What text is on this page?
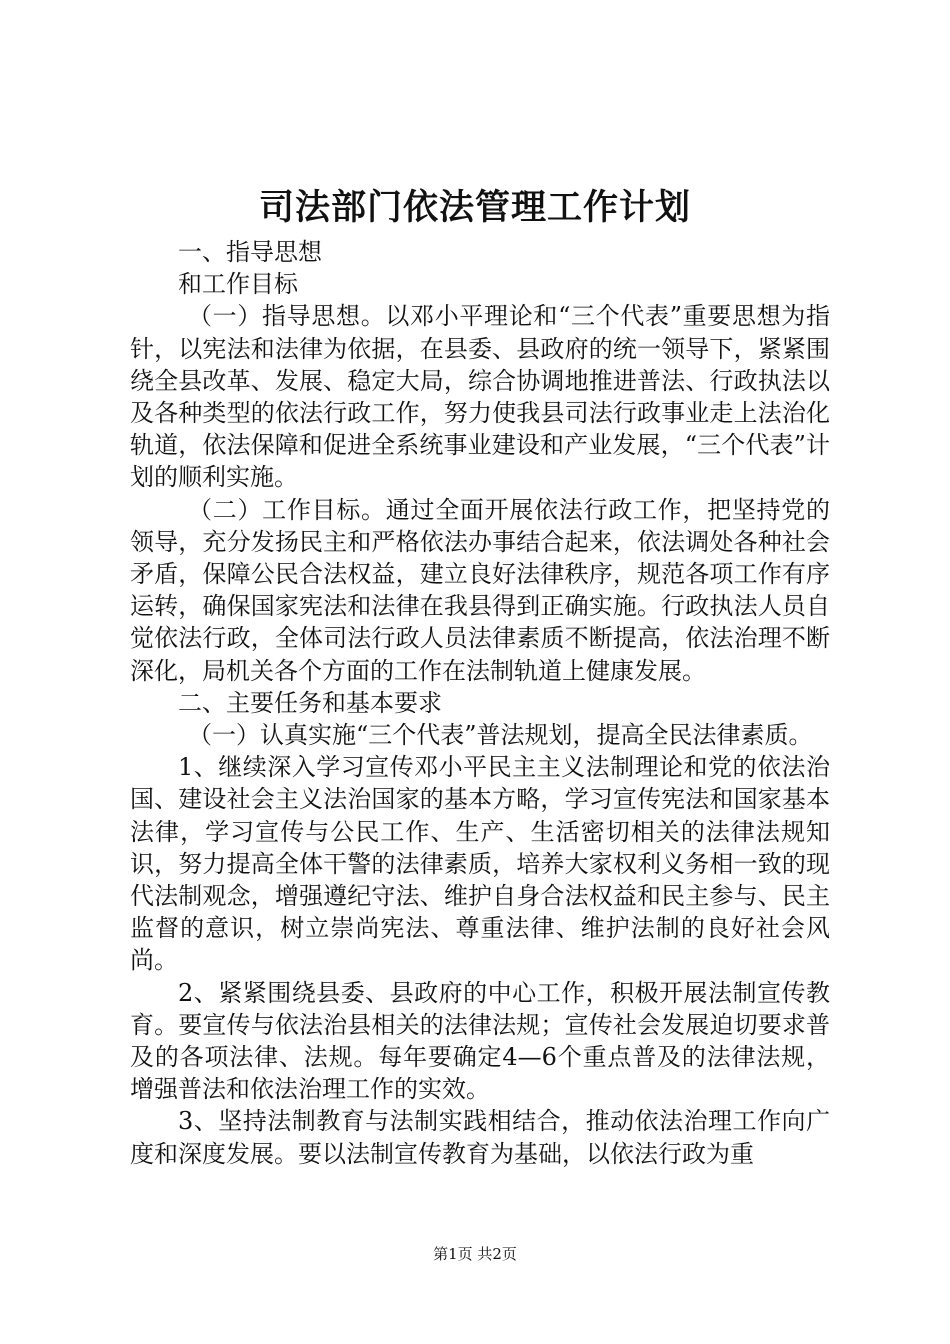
司法部门依法管理工作计划

一、指导思想

和工作目标

（一）指导思想。以邓小平理论和“三个代表”重要思想为指针，以宪法和法律为依据，在县委、县政府的统一领导下，紧紧围绕全县改革、发展、稳定大局，综合协调地推进普法、行政执法以及各种类型的依法行政工作，努力使我县司法行政事业走上法治化轨道，依法保障和促进全系统事业建设和产业发展，“三个代表”计划的顺利实施。

（二）工作目标。通过全面开展依法行政工作，把坚持党的领导，充分发扬民主和严格依法办事结合起来，依法调处各种社会矛盾，保障公民合法权益，建立良好法律秩序，规范各项工作有序运转，确保国家宪法和法律在我县得到正确实施。行政执法人员自觉依法行政，全体司法行政人员法律素质不断提高，依法治理不断深化，局机关各个方面的工作在法制轨道上健康发展。

二、主要任务和基本要求

（一）认真实施“三个代表”普法规划，提高全民法律素质。

1、继续深入学习宣传邓小平民主主义法制理论和党的依法治国、建设社会主义法治国家的基本方略，学习宣传宪法和国家基本法律，学习宣传与公民工作、生产、生活密切相关的法律法规知识，努力提高全体干警的法律素质，培养大家权利义务相一致的现代法制观念，增强遵纪守法、维护自身合法权益和民主参与、民主监督的意识，树立崇尚宪法、尊重法律、维护法制的良好社会风尚。

2、紧紧围绕县委、县政府的中心工作，积极开展法制宣传教育。要宣传与依法治县相关的法律法规；宣传社会发展迫切要求普及的各项法律、法规。每年要确定4—6个重点普及的法律法规，增强普法和依法治理工作的实效。

3、坚持法制教育与法制实践相结合，推动依法治理工作向广度和深度发展。要以法制宣传教育为基础，以依法行政为重

第1页 共2页
